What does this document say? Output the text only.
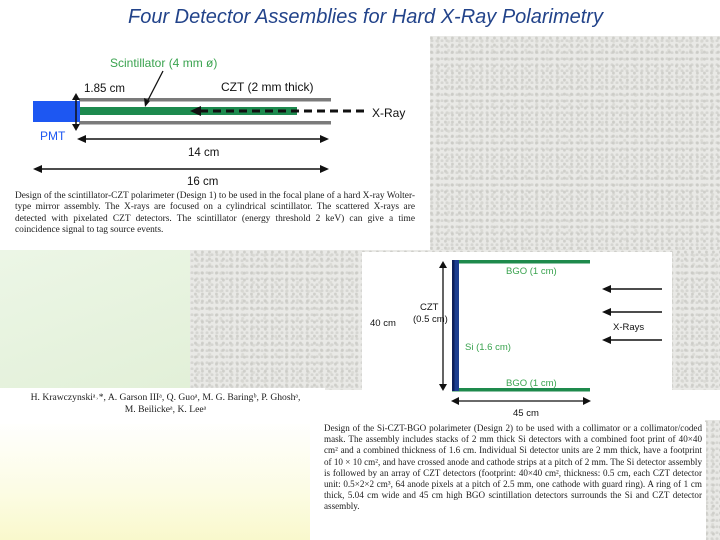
Four Detector Assemblies for Hard X-Ray Polarimetry
Scintillator (4 mm ø)
1.85 cm	CZT (2 mm thick)
X-Ray
PMT
14 cm
16 cm
Design of the scintillator-CZT polarimeter (Design 1) to be used in the focal plane of a hard X-ray Wolter-type mirror assembly. The X-rays are focused on a cylindrical scintillator. The scattered X-rays are detected with pixelated CZT detectors. The scintillator (energy threshold 2 keV) can give a time coincidence signal to tag source events.
BGO (1 cm)
CZT
(0.5 cm)
40 cm
Si (1.6 cm)
X-Rays
BGO (1 cm)
45 cm
H. Krawczynskiᵃ˒*, A. Garson IIIᵃ, Q. Guoᵃ, M. G. Baringᵇ, P. Ghoshᵃ,
M. Beilickeᵃ, K. Leeᵃ
Design of the Si-CZT-BGO polarimeter (Design 2) to be used with a collimator or a collimator/coded mask. The assembly includes stacks of 2 mm thick Si detectors with a combined foot print of 40×40 cm² and a combined thickness of 1.6 cm. Individual Si detector units are 2 mm thick, have a footprint of 10 × 10 cm², and have crossed anode and cathode strips at a pitch of 2 mm. The Si detector assembly is followed by an array of CZT detectors (footprint: 40×40 cm², thickness: 0.5 cm, each CZT detector unit: 0.5×2×2 cm³, 64 anode pixels at a pitch of 2.5 mm, one cathode with guard ring). A ring of 1 cm thick, 5.04 cm wide and 45 cm high BGO scintillation detectors surrounds the Si and CZT detector assembly.
